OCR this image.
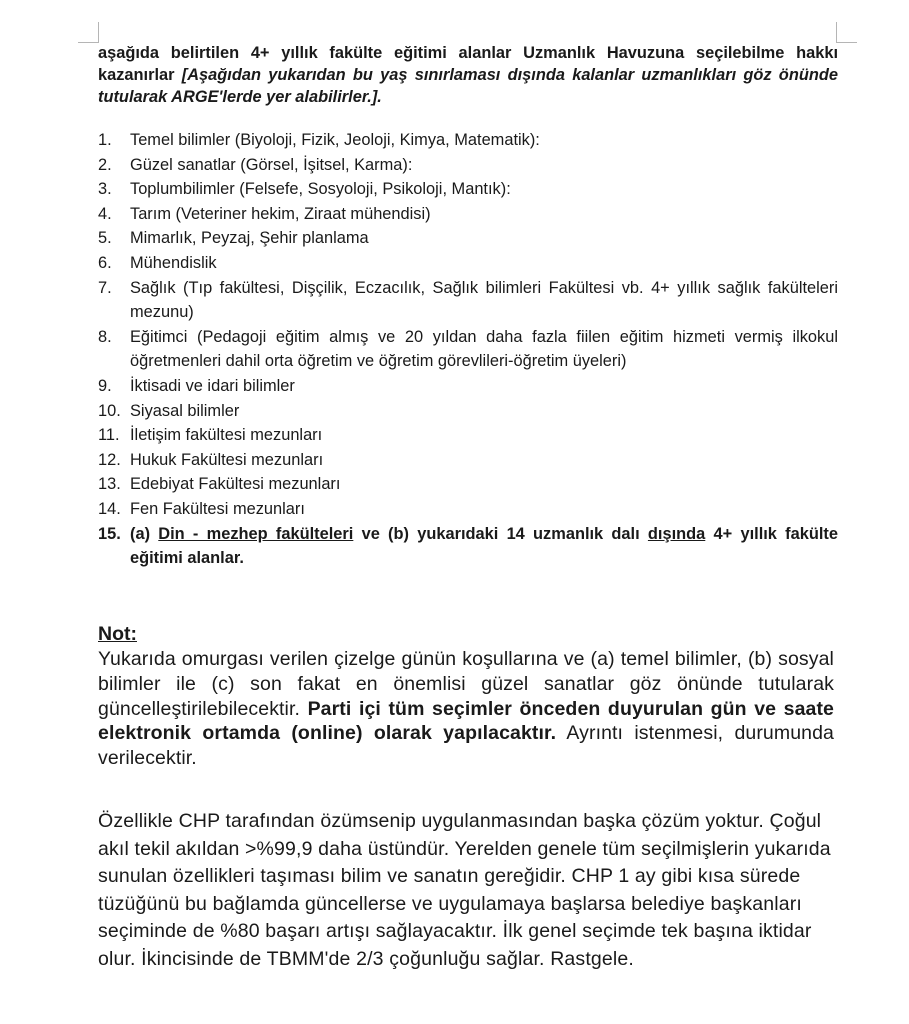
aşağıda belirtilen 4+ yıllık fakülte eğitimi alanlar Uzmanlık Havuzuna seçilebilme hakkı kazanırlar [Aşağıdan yukarıdan bu yaş sınırlaması dışında kalanlar uzmanlıkları göz önünde tutularak ARGE'lerde yer alabilirler.].

1. Temel bilimler (Biyoloji, Fizik, Jeoloji, Kimya, Matematik):
2. Güzel sanatlar (Görsel, İşitsel, Karma):
3. Toplumbilimler (Felsefe, Sosyoloji, Psikoloji, Mantık):
4. Tarım (Veteriner hekim, Ziraat mühendisi)
5. Mimarlık, Peyzaj, Şehir planlama
6. Mühendislik
7. Sağlık (Tıp fakültesi, Dişçilik, Eczacılık, Sağlık bilimleri Fakültesi vb. 4+ yıllık sağlık fakülteleri mezunu)
8. Eğitimci (Pedagoji eğitim almış ve 20 yıldan daha fazla fiilen eğitim hizmeti vermiş ilkokul öğretmenleri dahil orta öğretim ve öğretim görevlileri-öğretim üyeleri)
9. İktisadi ve idari bilimler
10. Siyasal bilimler
11. İletişim fakültesi mezunları
12. Hukuk Fakültesi mezunları
13. Edebiyat Fakültesi mezunları
14. Fen Fakültesi mezunları
15. (a) Din - mezhep fakülteleri ve (b) yukarıdaki 14 uzmanlık dalı dışında 4+ yıllık fakülte eğitimi alanlar.

Not:

Yukarıda omurgası verilen çizelge günün koşullarına ve (a) temel bilimler, (b) sosyal bilimler ile (c) son fakat en önemlisi güzel sanatlar göz önünde tutularak güncelleştirilebilecektir. Parti içi tüm seçimler önceden duyurulan gün ve saate elektronik ortamda (online) olarak yapılacaktır. Ayrıntı istenmesi, durumunda verilecektir.

Özellikle CHP tarafından özümsenip uygulanmasından başka çözüm yoktur. Çoğul akıl tekil akıldan >%99,9 daha üstündür. Yerelden genele tüm seçilmişlerin yukarıda sunulan özellikleri taşıması bilim ve sanatın gereğidir. CHP 1 ay gibi kısa sürede tüzüğünü bu bağlamda güncellerse ve uygulamaya başlarsa belediye başkanları seçiminde de %80 başarı artışı sağlayacaktır. İlk genel seçimde tek başına iktidar olur. İkincisinde de TBMM'de 2/3 çoğunluğu sağlar. Rastgele.
